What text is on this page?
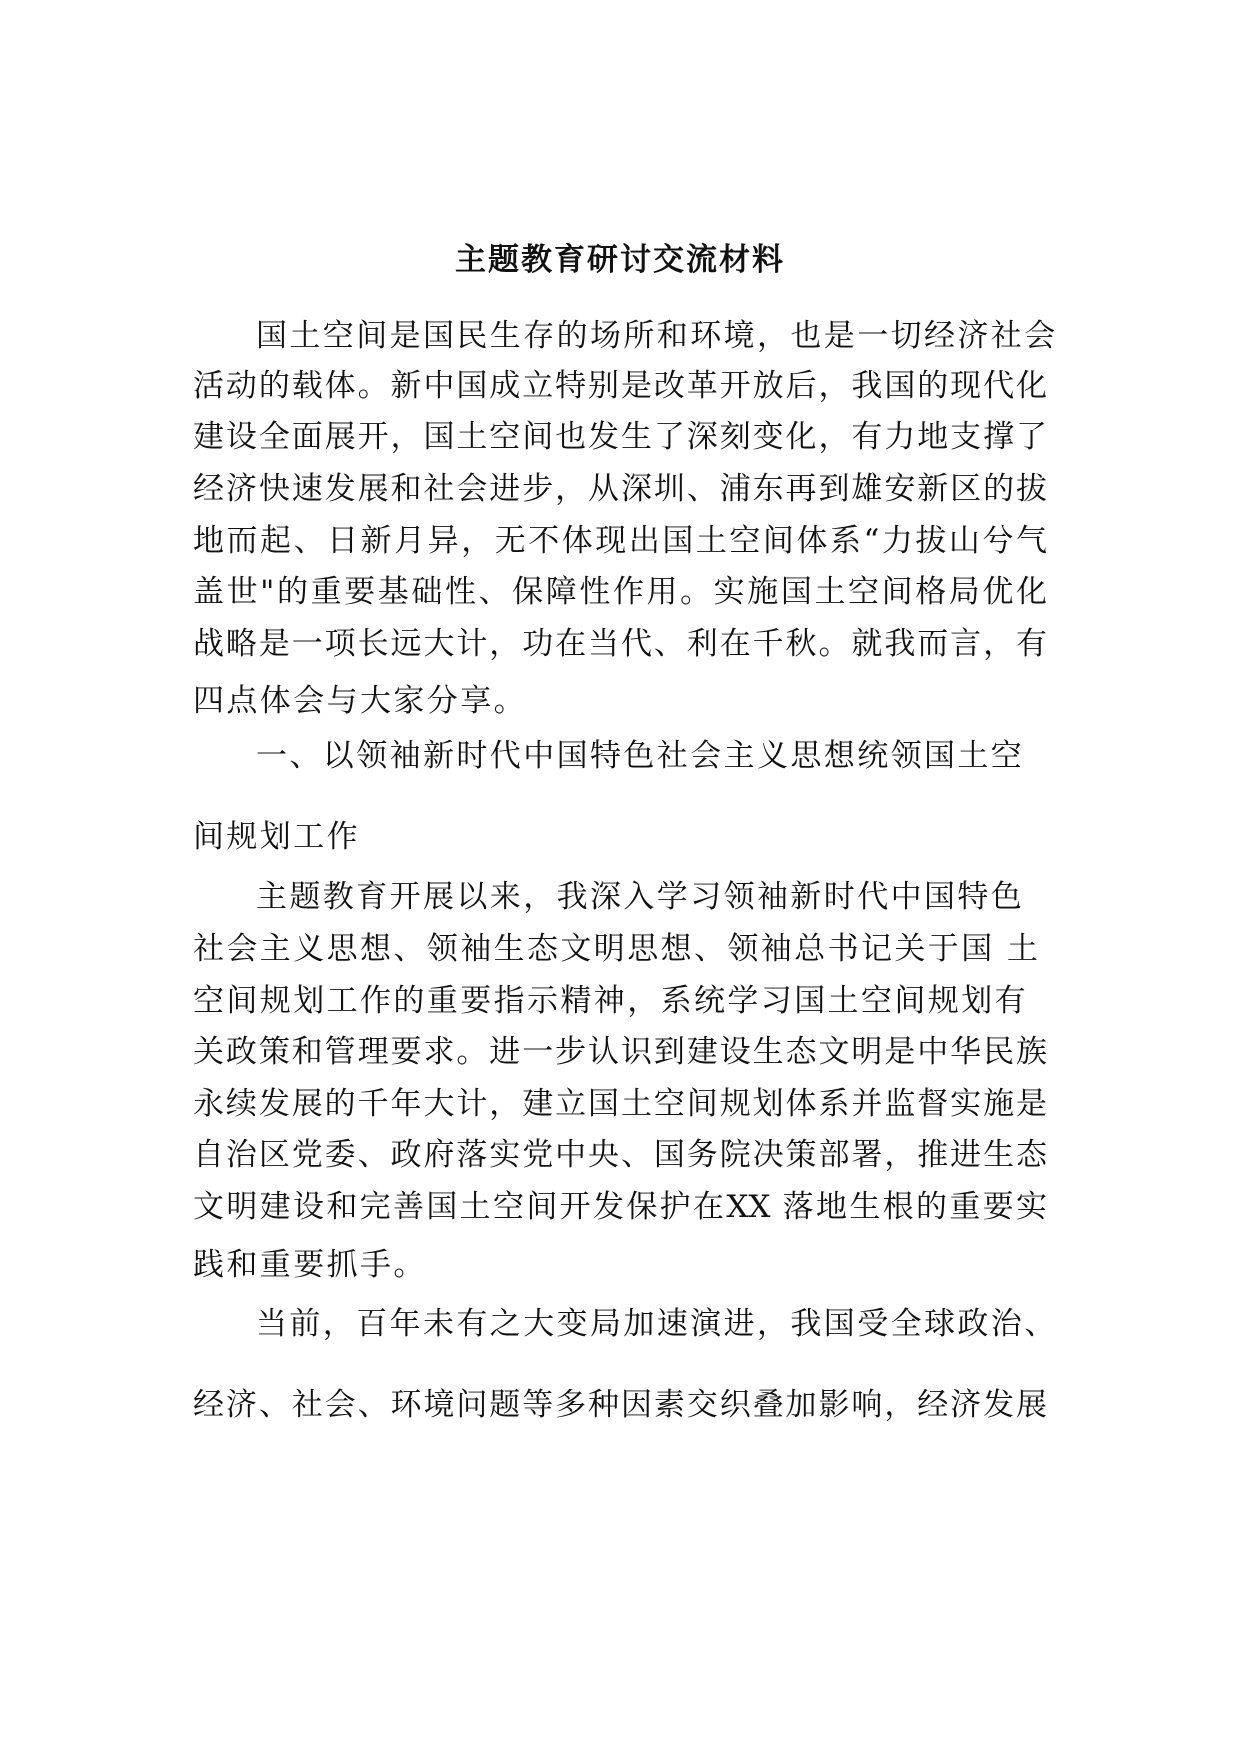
主题教育研讨交流材料
国土空间是国民生存的场所和环境，也是一切经济社会
活动的载体。新中国成立特别是改革开放后，我国的现代化
建设全面展开，国土空间也发生了深刻变化，有力地支撑了
经济快速发展和社会进步，从深圳、浦东再到雄安新区的拔
地而起、日新月异，无不体现出国土空间体系“力拔山兮气
盖世"的重要基础性、保障性作用。实施国土空间格局优化
战略是一项长远大计，功在当代、利在千秋。就我而言，有
四点体会与大家分享。
一、以领袖新时代中国特色社会主义思想统领国土空
间规划工作
主题教育开展以来，我深入学习领袖新时代中国特色
社会主义思想、领袖生态文明思想、领袖总书记关于国 土
空间规划工作的重要指示精神，系统学习国土空间规划有
关政策和管理要求。进一步认识到建设生态文明是中华民族
永续发展的千年大计，建立国土空间规划体系并监督实施是
自治区党委、政府落实党中央、国务院决策部署，推进生态
文明建设和完善国土空间开发保护在XX 落地生根的重要实
践和重要抓手。
当前，百年未有之大变局加速演进，我国受全球政治、
经济、社会、环境问题等多种因素交织叠加影响，经济发展
